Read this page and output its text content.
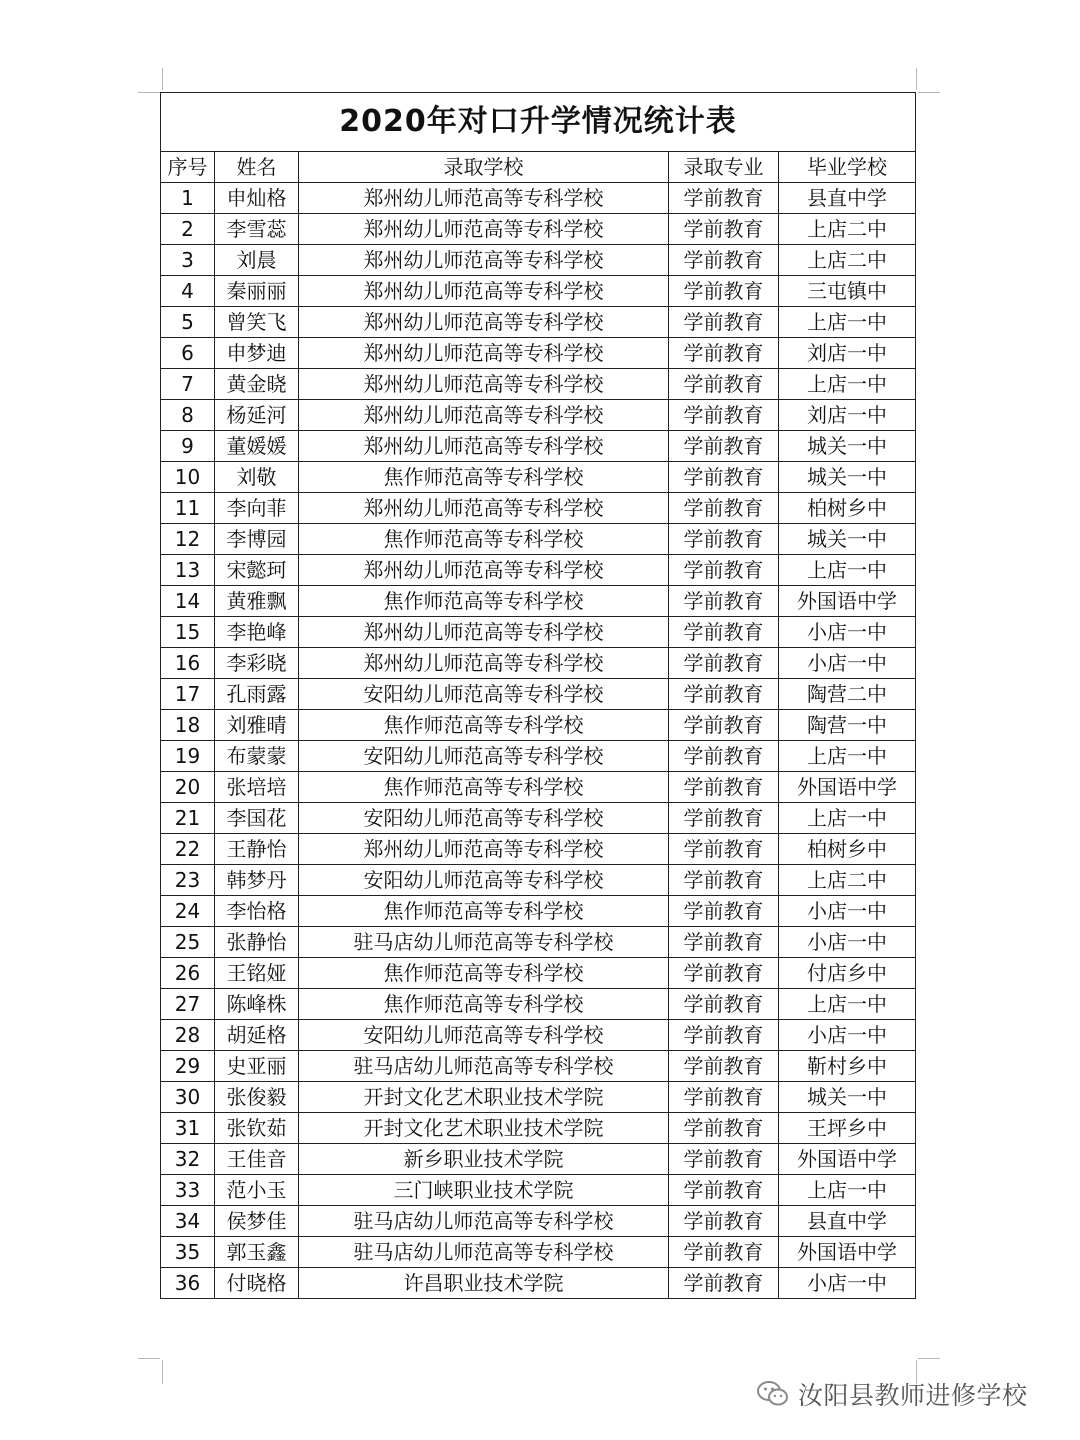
2020年对口升学情况统计表				
序号	姓名	录取学校	录取专业	毕业学校
1	申灿格	郑州幼儿师范高等专科学校	学前教育	县直中学
2	李雪蕊	郑州幼儿师范高等专科学校	学前教育	上店二中
3	刘晨	郑州幼儿师范高等专科学校	学前教育	上店二中
4	秦丽丽	郑州幼儿师范高等专科学校	学前教育	三屯镇中
5	曾笑飞	郑州幼儿师范高等专科学校	学前教育	上店一中
6	申梦迪	郑州幼儿师范高等专科学校	学前教育	刘店一中
7	黄金晓	郑州幼儿师范高等专科学校	学前教育	上店一中
8	杨延河	郑州幼儿师范高等专科学校	学前教育	刘店一中
9	董媛媛	郑州幼儿师范高等专科学校	学前教育	城关一中
10	刘敬	焦作师范高等专科学校	学前教育	城关一中
11	李向菲	郑州幼儿师范高等专科学校	学前教育	柏树乡中
12	李博园	焦作师范高等专科学校	学前教育	城关一中
13	宋懿珂	郑州幼儿师范高等专科学校	学前教育	上店一中
14	黄雅飘	焦作师范高等专科学校	学前教育	外国语中学
15	李艳峰	郑州幼儿师范高等专科学校	学前教育	小店一中
16	李彩晓	郑州幼儿师范高等专科学校	学前教育	小店一中
17	孔雨露	安阳幼儿师范高等专科学校	学前教育	陶营二中
18	刘雅晴	焦作师范高等专科学校	学前教育	陶营一中
19	布蒙蒙	安阳幼儿师范高等专科学校	学前教育	上店一中
20	张培培	焦作师范高等专科学校	学前教育	外国语中学
21	李国花	安阳幼儿师范高等专科学校	学前教育	上店一中
22	王静怡	郑州幼儿师范高等专科学校	学前教育	柏树乡中
23	韩梦丹	安阳幼儿师范高等专科学校	学前教育	上店二中
24	李怡格	焦作师范高等专科学校	学前教育	小店一中
25	张静怡	驻马店幼儿师范高等专科学校	学前教育	小店一中
26	王铭娅	焦作师范高等专科学校	学前教育	付店乡中
27	陈峰株	焦作师范高等专科学校	学前教育	上店一中
28	胡延格	安阳幼儿师范高等专科学校	学前教育	小店一中
29	史亚丽	驻马店幼儿师范高等专科学校	学前教育	靳村乡中
30	张俊毅	开封文化艺术职业技术学院	学前教育	城关一中
31	张钦茹	开封文化艺术职业技术学院	学前教育	王坪乡中
32	王佳音	新乡职业技术学院	学前教育	外国语中学
33	范小玉	三门峡职业技术学院	学前教育	上店一中
34	侯梦佳	驻马店幼儿师范高等专科学校	学前教育	县直中学
35	郭玉鑫	驻马店幼儿师范高等专科学校	学前教育	外国语中学
36	付晓格	许昌职业技术学院	学前教育	小店一中
汝阳县教师进修学校
